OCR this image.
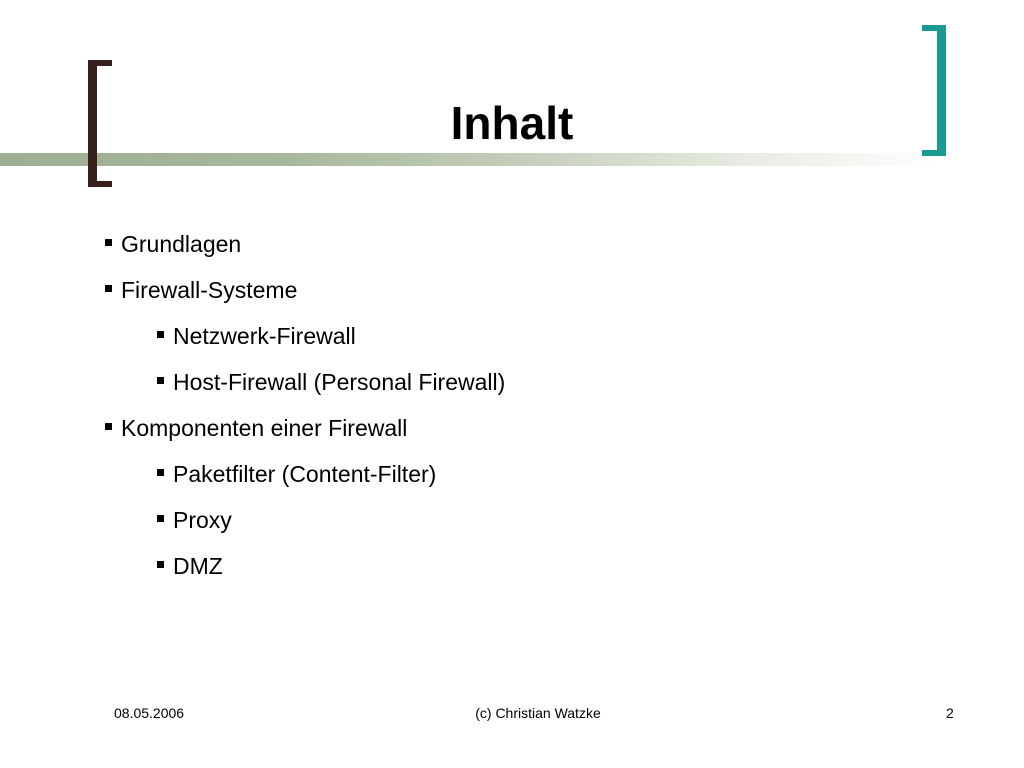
Inhalt
Grundlagen
Firewall-Systeme
Netzwerk-Firewall
Host-Firewall (Personal Firewall)
Komponenten einer Firewall
Paketfilter (Content-Filter)
Proxy
DMZ
08.05.2006	(c) Christian Watzke	2
